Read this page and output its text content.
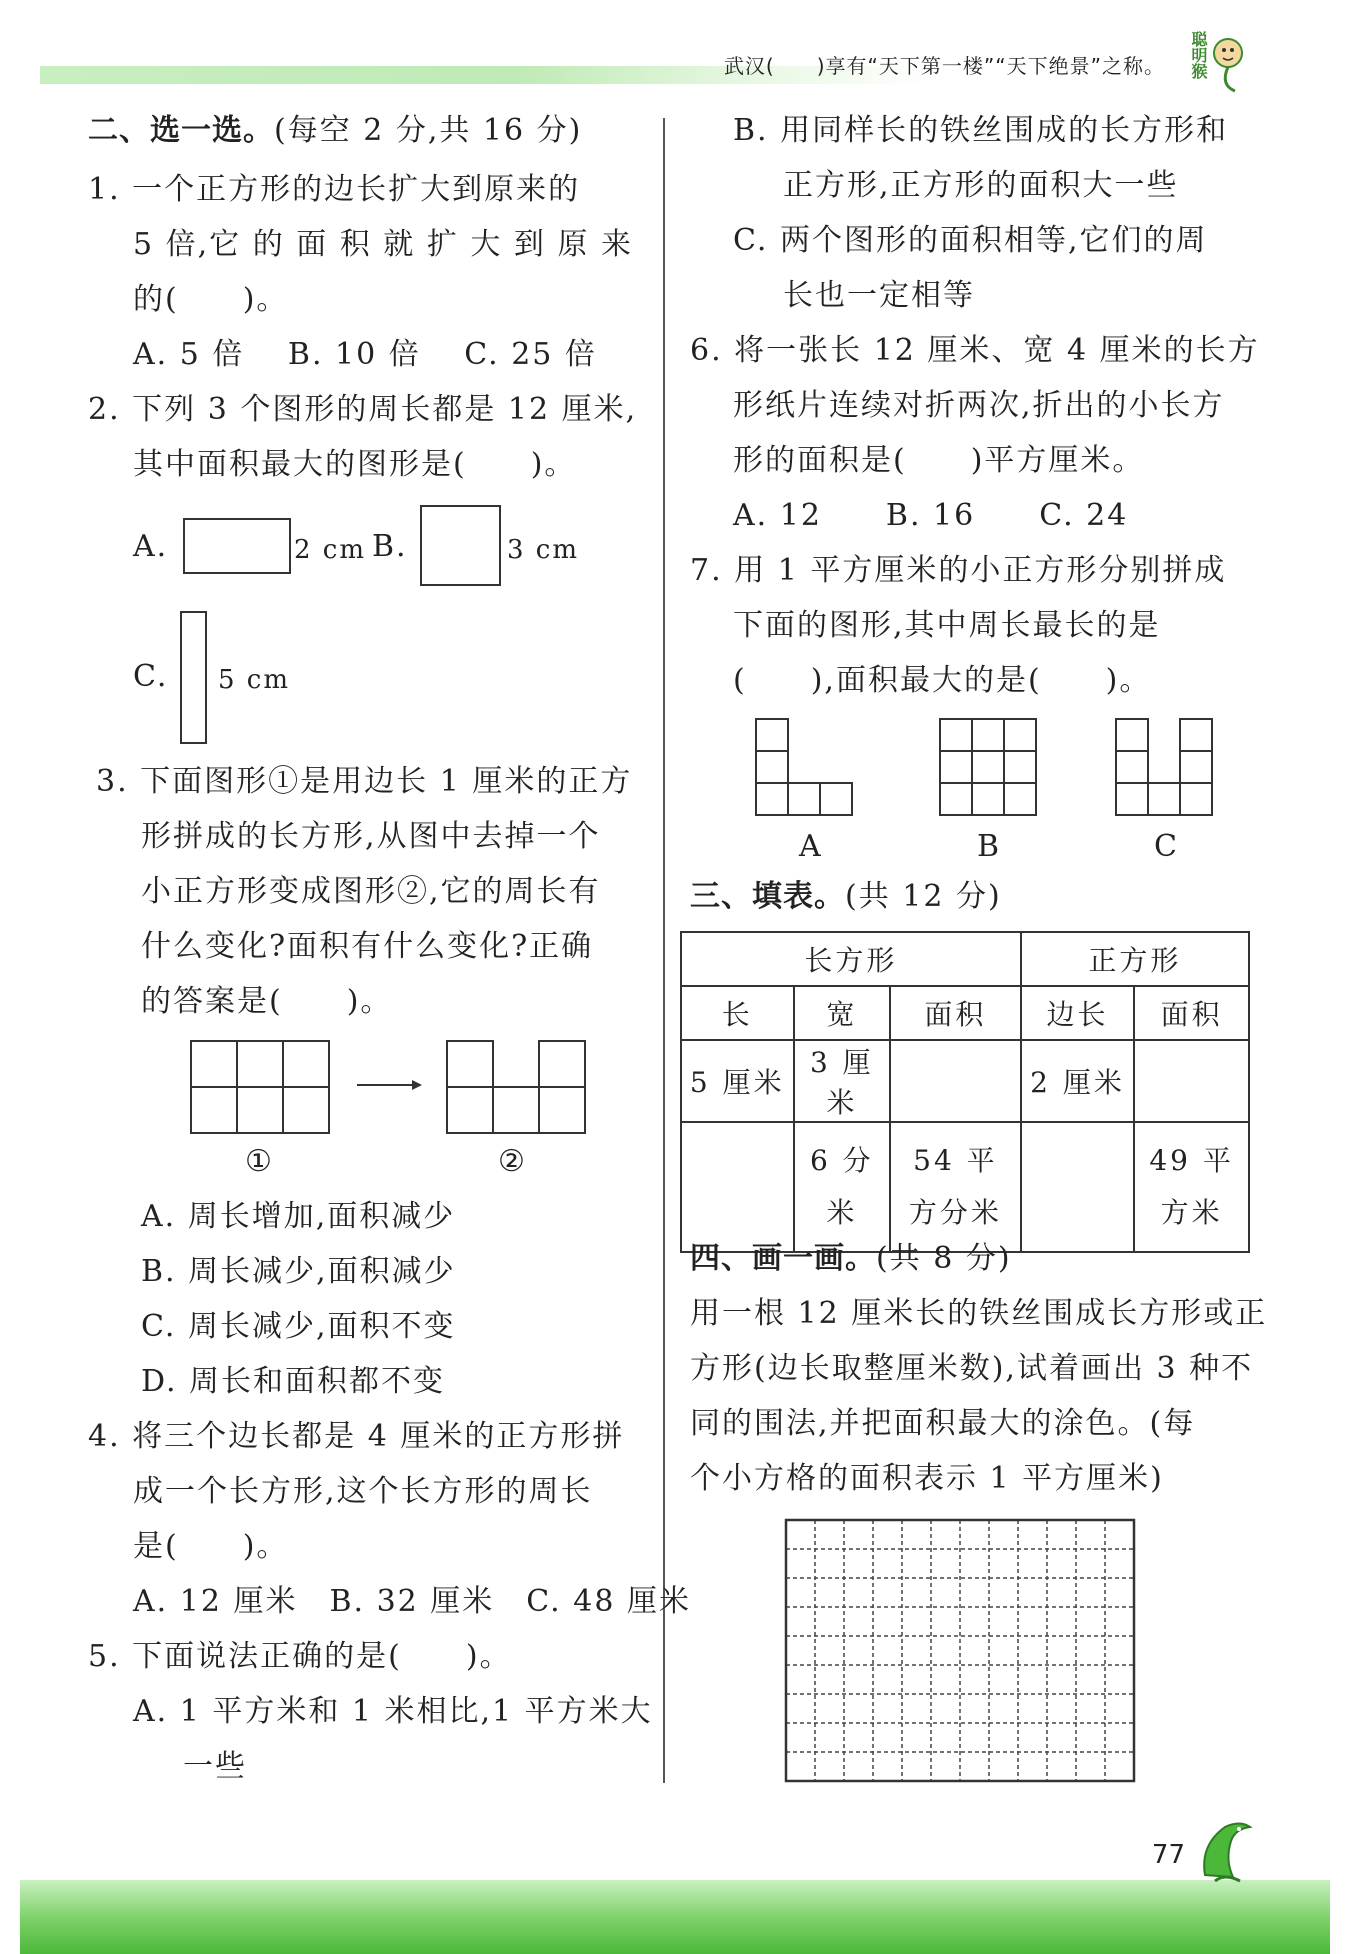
武汉(　　)享有“天下第一楼”“天下绝景”之称。 聪明猴
二、选一选。(每空 2 分,共 16 分)
1. 一个正方形的边长扩大到原来的
5 倍,它 的 面 积 就 扩 大 到 原 来
的(　　)。
A. 5 倍　 B. 10 倍　 C. 25 倍
2. 下列 3 个图形的周长都是 12 厘米,
其中面积最大的图形是(　　)。
A.	2 cm B.	3 cm
C. 5 cm
3. 下面图形①是用边长 1 厘米的正方
形拼成的长方形,从图中去掉一个
小正方形变成图形②,它的周长有
什么变化?面积有什么变化?正确
的答案是(　　)。
①	②
A. 周长增加,面积减少
B. 周长减少,面积减少
C. 周长减少,面积不变
D. 周长和面积都不变
4. 将三个边长都是 4 厘米的正方形拼
成一个长方形,这个长方形的周长
是(　　)。
A. 12 厘米　B. 32 厘米　C. 48 厘米
5. 下面说法正确的是(　　)。
A. 1 平方米和 1 米相比,1 平方米大
一些
B. 用同样长的铁丝围成的长方形和
正方形,正方形的面积大一些
C. 两个图形的面积相等,它们的周
长也一定相等
6. 将一张长 12 厘米、宽 4 厘米的长方
形纸片连续对折两次,折出的小长方
形的面积是(　　)平方厘米。
A. 12　　B. 16　　C. 24
7. 用 1 平方厘米的小正方形分别拼成
下面的图形,其中周长最长的是
(　　),面积最大的是(　　)。
A	B	C
三、填表。(共 12 分)
长方形			正方形	
长	宽	面积	边长	面积
5 厘米	3 厘米		2 厘米	
	6 分米	54 平方分米		49 平方米
四、画一画。(共 8 分)
用一根 12 厘米长的铁丝围成长方形或正
方形(边长取整厘米数),试着画出 3 种不
同的围法,并把面积最大的涂色。(每
个小方格的面积表示 1 平方厘米)
77
